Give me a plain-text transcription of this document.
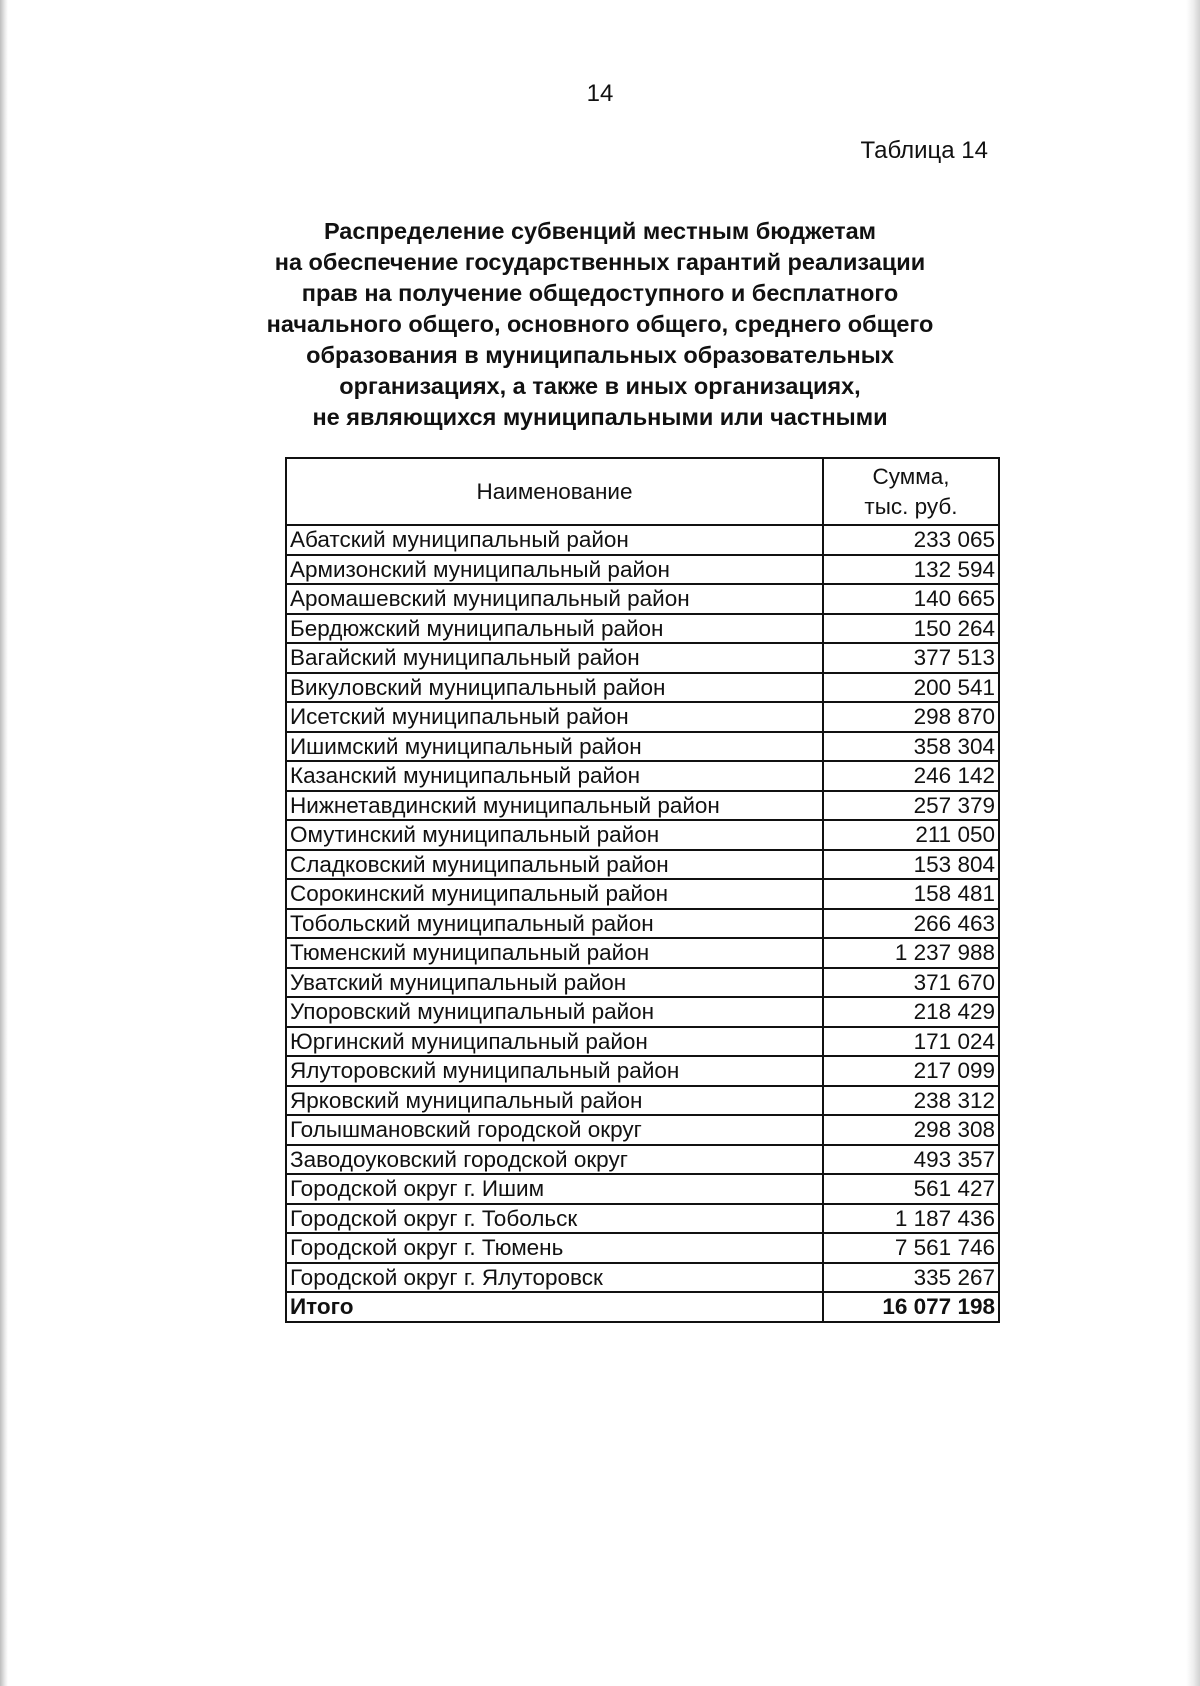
14
Таблица 14
Распределение субвенций местным бюджетам
на обеспечение государственных гарантий реализации
прав на получение общедоступного и бесплатного
начального общего, основного общего, среднего общего
образования в муниципальных образовательных
организациях, а также в иных организациях,
не являющихся муниципальными или частными
Наименование	Сумма,
тыс. руб.

Абатский муниципальный район	233 065
Армизонский муниципальный район	132 594
Аромашевский муниципальный район	140 665
Бердюжский муниципальный район	150 264
Вагайский муниципальный район	377 513
Викуловский муниципальный район	200 541
Исетский муниципальный район	298 870
Ишимский муниципальный район	358 304
Казанский муниципальный район	246 142
Нижнетавдинский муниципальный район	257 379
Омутинский муниципальный район	211 050
Сладковский муниципальный район	153 804
Сорокинский муниципальный район	158 481
Тобольский муниципальный район	266 463
Тюменский муниципальный район	1 237 988
Уватский муниципальный район	371 670
Упоровский муниципальный район	218 429
Юргинский муниципальный район	171 024
Ялуторовский муниципальный район	217 099
Ярковский муниципальный район	238 312
Голышмановский городской округ	298 308
Заводоуковский городской округ	493 357
Городской округ г. Ишим	561 427
Городской округ г. Тобольск	1 187 436
Городской округ г. Тюмень	7 561 746
Городской округ г. Ялуторовск	335 267
Итого	16 077 198
